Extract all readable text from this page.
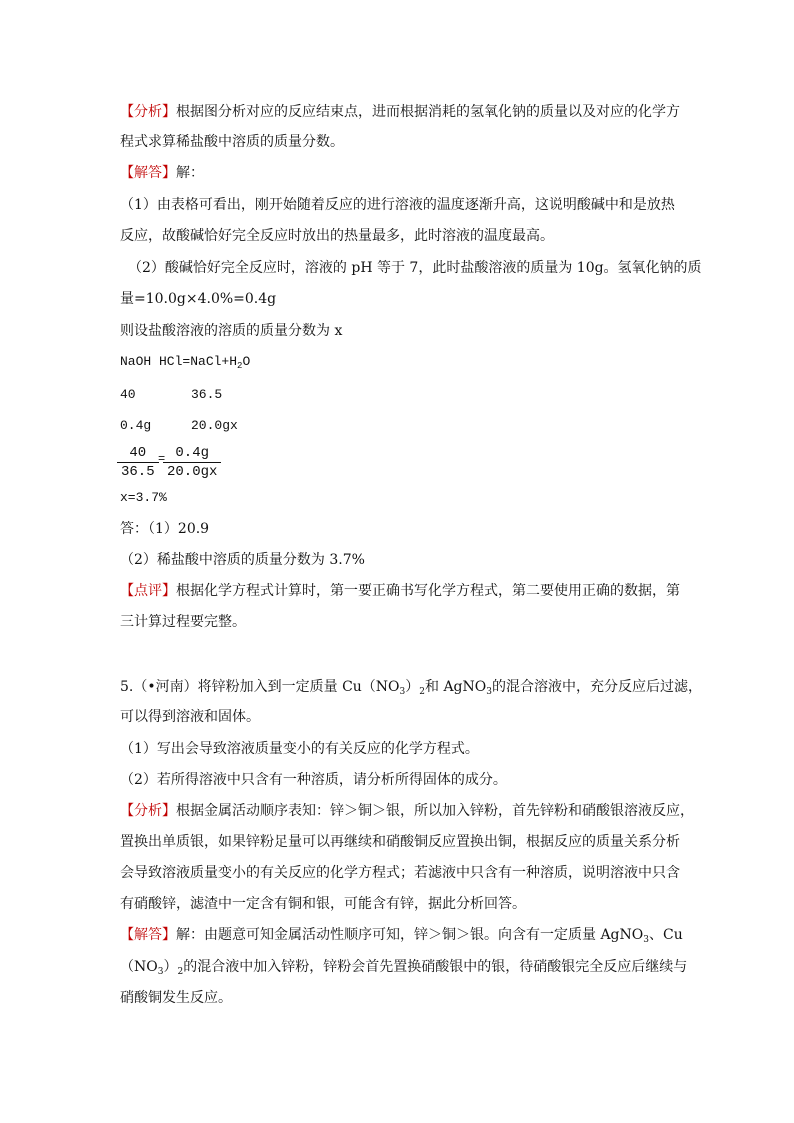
【分析】根据图分析对应的反应结束点，进而根据消耗的氢氧化钠的质量以及对应的化学方
程式求算稀盐酸中溶质的质量分数。
【解答】解：
（1）由表格可看出，刚开始随着反应的进行溶液的温度逐渐升高，这说明酸碱中和是放热
反应，故酸碱恰好完全反应时放出的热量最多，此时溶液的温度最高。
（2）酸碱恰好完全反应时，溶液的 pH 等于 7，此时盐酸溶液的质量为 10g。氢氧化钠的质
量=10.0g×4.0%=0.4g
则设盐酸溶液的溶质的质量分数为 x
NaOH $HCl=NaCl+H_2O$
40	36.5
0.4g	20.0gx
$\frac{40}{36.5}$ =
$\frac{0.4g}{20.0gx}$
x=3.7%
答：（1）20.9
（2）稀盐酸中溶质的质量分数为 3.7%
【点评】根据化学方程式计算时，第一要正确书写化学方程式，第二要使用正确的数据，第
三计算过程要完整。
5.（•河南）将锌粉加入到一定质量 $Cu(NO_3)_2$和 AgNO$_3$的混合溶液中，充分反应后过滤，
可以得到溶液和固体。
（1）写出会导致溶液质量变小的有关反应的化学方程式。
（2）若所得溶液中只含有一种溶质，请分析所得固体的成分。
【分析】根据金属活动顺序表知：锌＞铜＞银，所以加入锌粉，首先锌粉和硝酸银溶液反应，
置换出单质银，如果锌粉足量可以再继续和硝酸铜反应置换出铜，根据反应的质量关系分析
会导致溶液质量变小的有关反应的化学方程式；若滤液中只含有一种溶质，说明溶液中只含
有硝酸锌，滤渣中一定含有铜和银，可能含有锌，据此分析回答。
【解答】解：由题意可知金属活动性顺序可知，锌＞铜＞银。向含有一定质量 AgNO$_3$、Cu
$(NO_3)_2$的混合液中加入锌粉，锌粉会首先置换硝酸银中的银，待硝酸银完全反应后继续与
硝酸铜发生反应。
